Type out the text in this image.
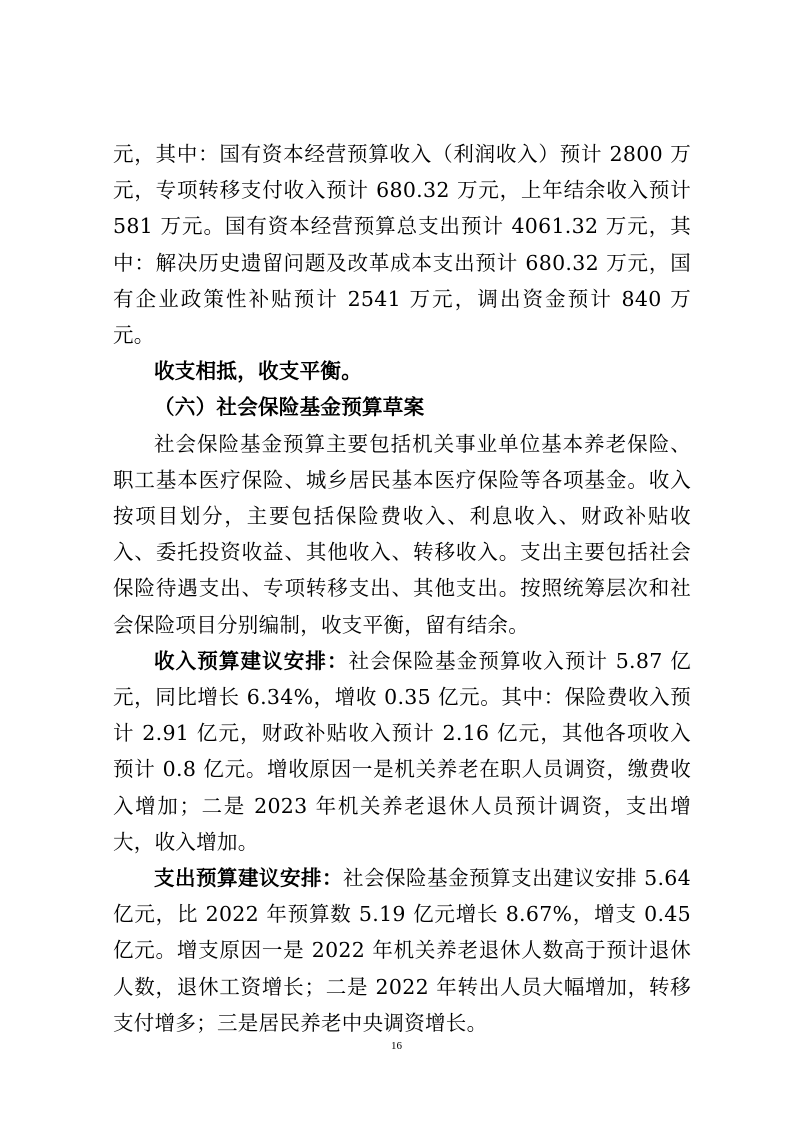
元，其中：国有资本经营预算收入（利润收入）预计 2800 万元，专项转移支付收入预计 680.32 万元，上年结余收入预计 581 万元。国有资本经营预算总支出预计 4061.32 万元，其中：解决历史遗留问题及改革成本支出预计 680.32 万元，国有企业政策性补贴预计 2541 万元，调出资金预计 840 万元。

收支相抵，收支平衡。

（六）社会保险基金预算草案

社会保险基金预算主要包括机关事业单位基本养老保险、职工基本医疗保险、城乡居民基本医疗保险等各项基金。收入按项目划分，主要包括保险费收入、利息收入、财政补贴收入、委托投资收益、其他收入、转移收入。支出主要包括社会保险待遇支出、专项转移支出、其他支出。按照统筹层次和社会保险项目分别编制，收支平衡，留有结余。

收入预算建议安排：社会保险基金预算收入预计 5.87 亿元，同比增长 6.34%，增收 0.35 亿元。其中：保险费收入预计 2.91 亿元，财政补贴收入预计 2.16 亿元，其他各项收入预计 0.8 亿元。增收原因一是机关养老在职人员调资，缴费收入增加；二是 2023 年机关养老退休人员预计调资，支出增大，收入增加。

支出预算建议安排：社会保险基金预算支出建议安排 5.64 亿元，比 2022 年预算数 5.19 亿元增长 8.67%，增支 0.45 亿元。增支原因一是 2022 年机关养老退休人数高于预计退休人数，退休工资增长；二是 2022 年转出人员大幅增加，转移支付增多；三是居民养老中央调资增长。

16
